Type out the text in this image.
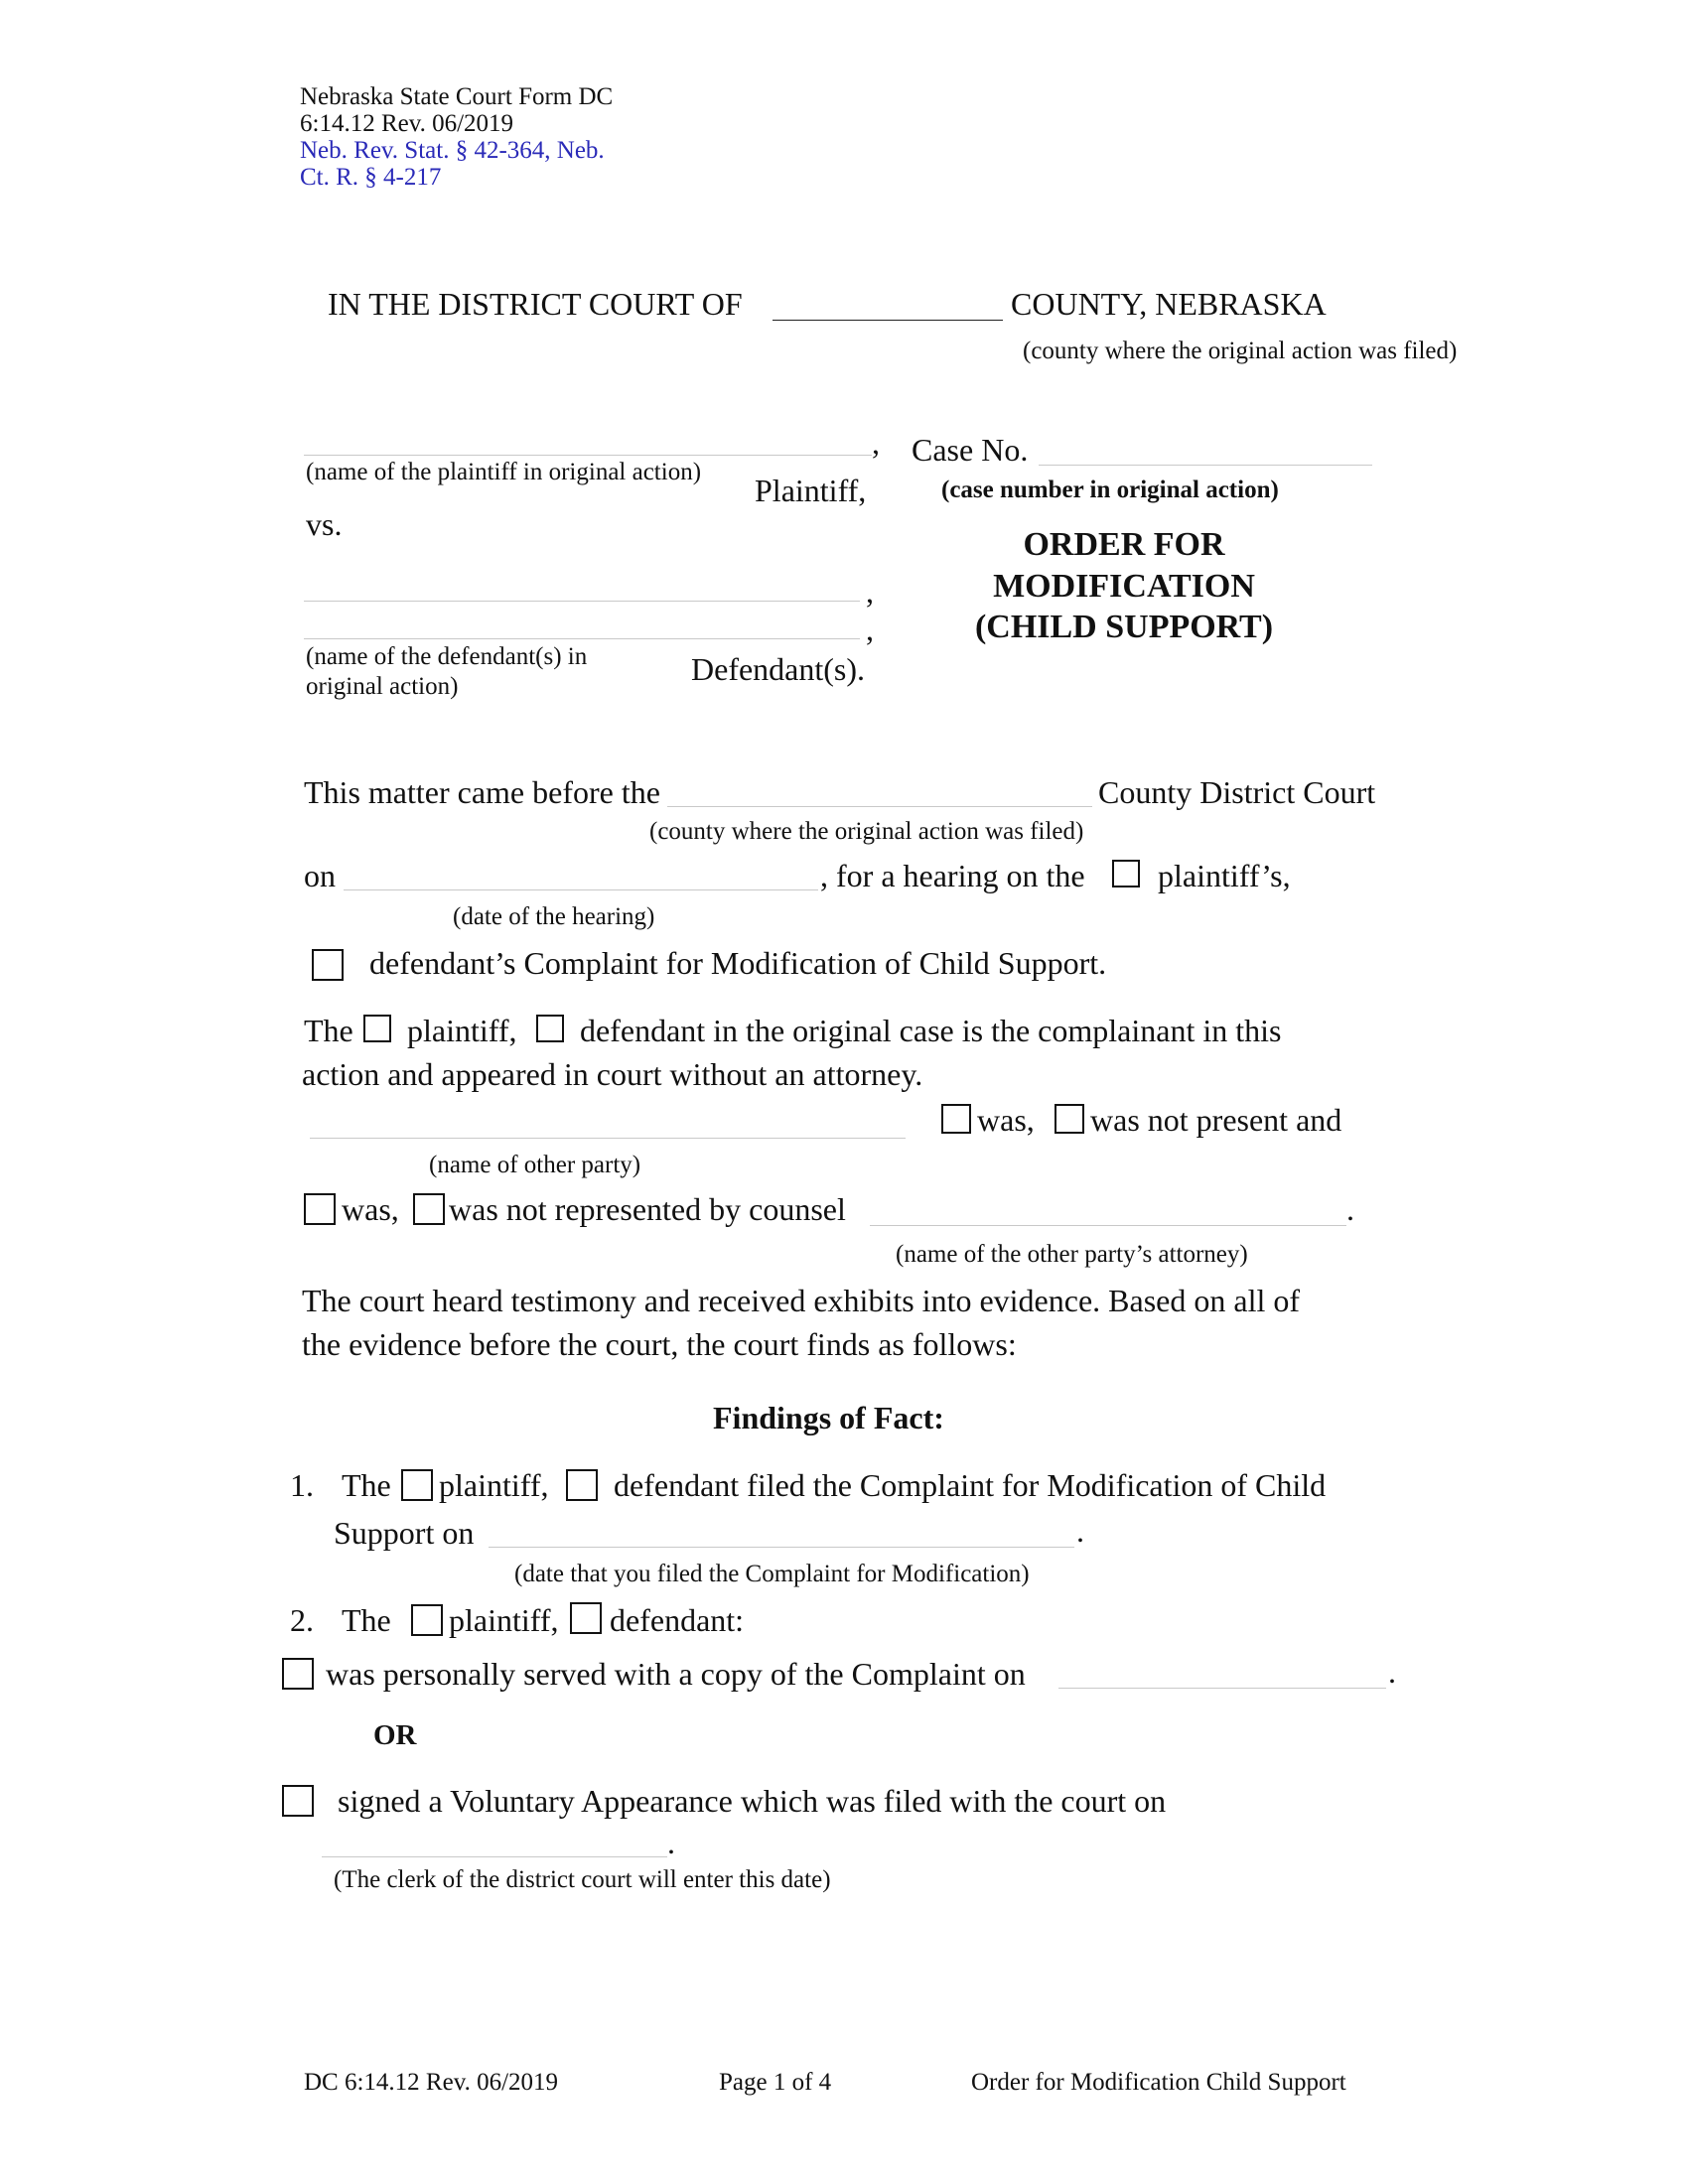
Nebraska State Court Form DC
6:14.12 Rev. 06/2019
Neb. Rev. Stat. § 42-364, Neb.
Ct. R. § 4-217
IN THE DISTRICT COURT OF	COUNTY, NEBRASKA
(county where the original action was filed)
,
(name of the plaintiff in original action)
Plaintiff,
vs.
,
,
(name of the defendant(s) in
original action)	Defendant(s).
Case No.
(case number in original action)
ORDER FOR
MODIFICATION
(CHILD SUPPORT)
This matter came before the	County District Court
(county where the original action was filed)
on	, for a hearing on the plaintiff’s,
(date of the hearing)
defendant’s Complaint for Modification of Child Support.
The plaintiff, defendant in the original case is the complainant in this
action and appeared in court without an attorney.
was, was not present and
(name of other party)
was, was not represented by counsel	.
(name of the other party’s attorney)
The court heard testimony and received exhibits into evidence. Based on all of
the evidence before the court, the court finds as follows:
Findings of Fact:
1. The plaintiff, defendant filed the Complaint for Modification of Child
Support on	.
(date that you filed the Complaint for Modification)
2. The plaintiff, defendant:
was personally served with a copy of the Complaint on	.
OR
signed a Voluntary Appearance which was filed with the court on
.
(The clerk of the district court will enter this date)
DC 6:14.12 Rev. 06/2019	Page 1 of 4	Order for Modification Child Support
